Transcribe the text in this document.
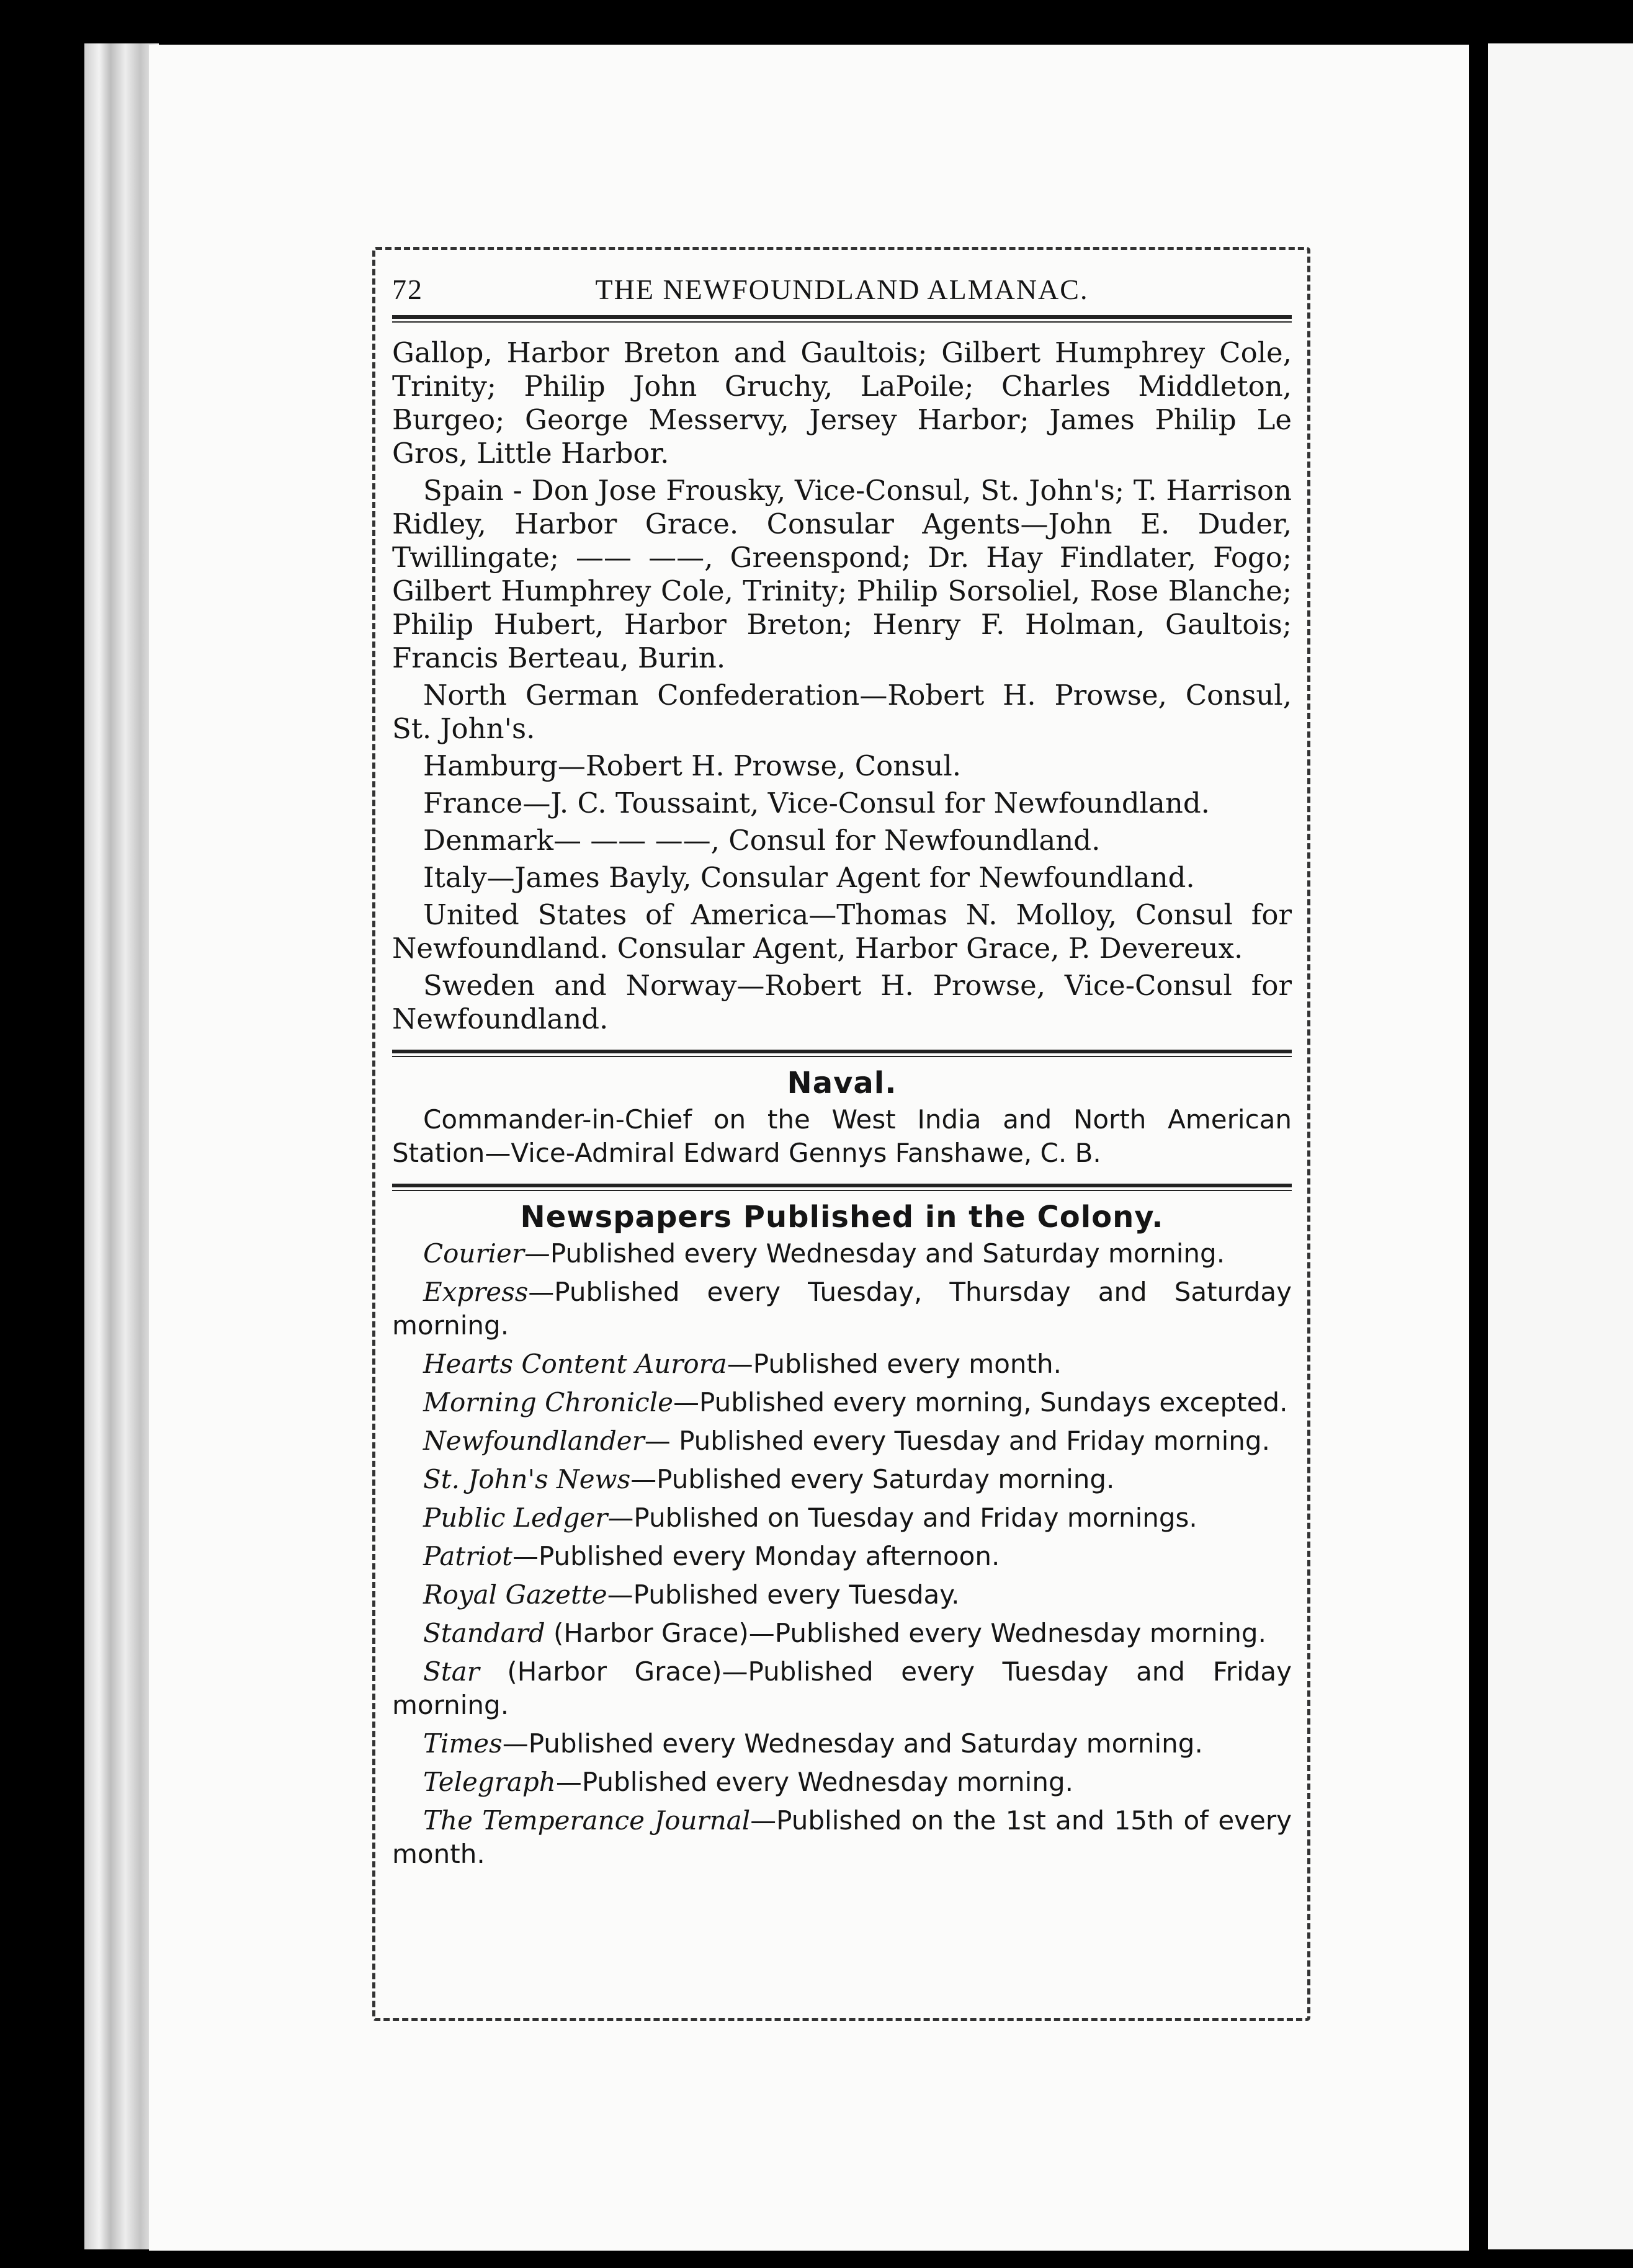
72	THE NEWFOUNDLAND ALMANAC.

Gallop, Harbor Breton and Gaultois; Gilbert Humphrey Cole, Trinity; Philip John Gruchy, LaPoile; Charles Middleton, Burgeo; George Messervy, Jersey Harbor; James Philip Le Gros, Little Harbor.

Spain - Don Jose Frousky, Vice-Consul, St. John's; T. Harrison Ridley, Harbor Grace. Consular Agents—John E. Duder, Twillingate; —— ——, Greenspond; Dr. Hay Findlater, Fogo; Gilbert Humphrey Cole, Trinity; Philip Sorsoliel, Rose Blanche; Philip Hubert, Harbor Breton; Henry F. Holman, Gaultois; Francis Berteau, Burin.

North German Confederation—Robert H. Prowse, Consul, St. John's.

Hamburg—Robert H. Prowse, Consul.

France—J. C. Toussaint, Vice-Consul for Newfoundland.

Denmark— —— ——, Consul for Newfoundland.

Italy—James Bayly, Consular Agent for Newfoundland.

United States of America—Thomas N. Molloy, Consul for Newfoundland. Consular Agent, Harbor Grace, P. Devereux.

Sweden and Norway—Robert H. Prowse, Vice-Consul for Newfoundland.

Naval.
Commander-in-Chief on the West India and North American Station—Vice-Admiral Edward Gennys Fanshawe, C. B.
Newspapers Published in the Colony.
Courier—Published every Wednesday and Saturday morning.
Express—Published every Tuesday, Thursday and Saturday morning.
Hearts Content Aurora—Published every month.
Morning Chronicle—Published every morning, Sundays excepted.
Newfoundlander— Published every Tuesday and Friday morning.
St. John's News—Published every Saturday morning.
Public Ledger—Published on Tuesday and Friday mornings.
Patriot—Published every Monday afternoon.
Royal Gazette—Published every Tuesday.
Standard (Harbor Grace)—Published every Wednesday morning.
Star (Harbor Grace)—Published every Tuesday and Friday morning.
Times—Published every Wednesday and Saturday morning.
Telegraph—Published every Wednesday morning.
The Temperance Journal—Published on the 1st and 15th of every month.
